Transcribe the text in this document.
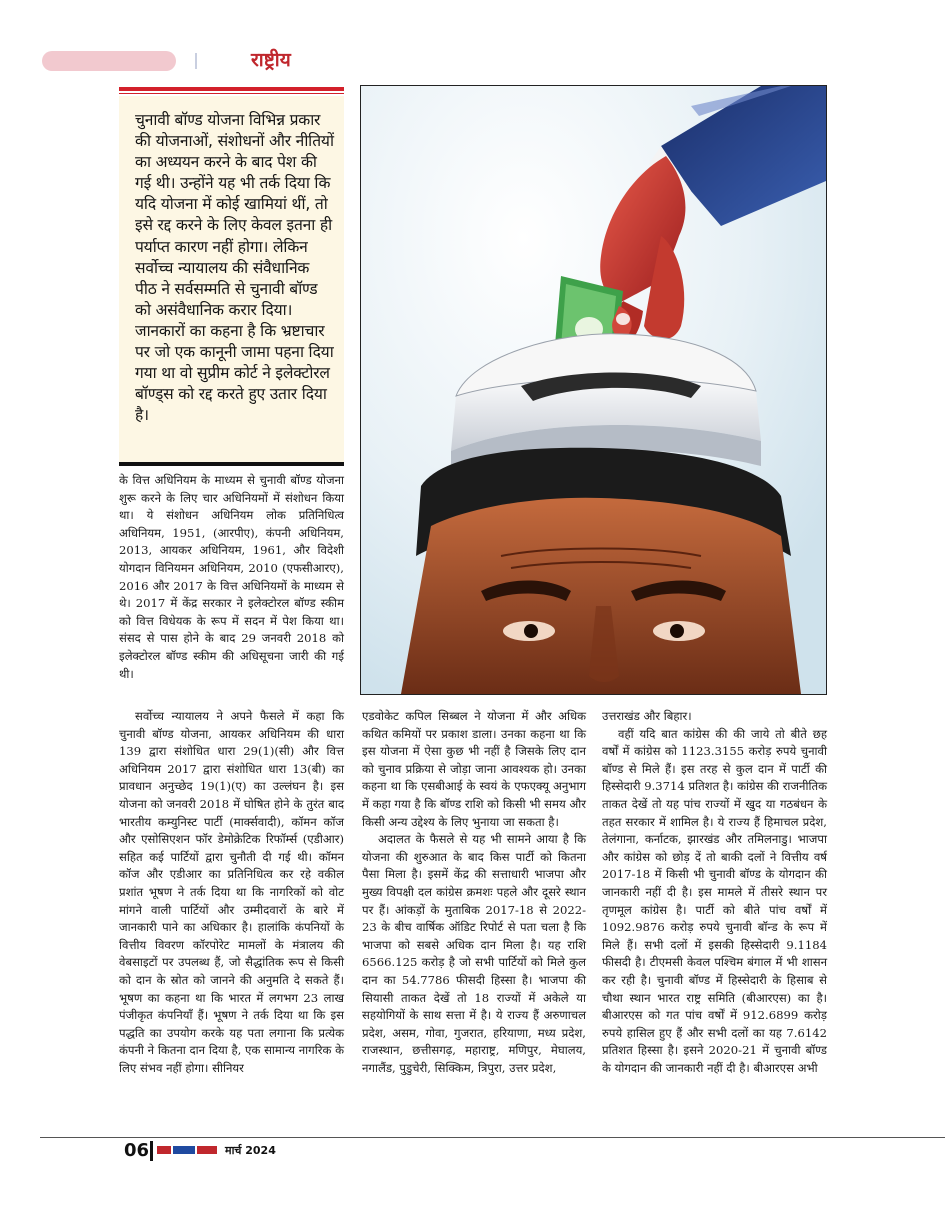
राष्ट्रीय
चुनावी बॉण्ड योजना विभिन्न प्रकार की योजनाओं, संशोधनों और नीतियों का अध्ययन करने के बाद पेश की गई थी। उन्होंने यह भी तर्क दिया कि यदि योजना में कोई खामियां थीं, तो इसे रद्द करने के लिए केवल इतना ही पर्याप्त कारण नहीं होगा। लेकिन सर्वोच्च न्यायालय की संवैधानिक पीठ ने सर्वसम्मति से चुनावी बॉण्ड को असंवैधानिक करार दिया। जानकारों का कहना है कि भ्रष्टाचार पर जो एक कानूनी जामा पहना दिया गया था वो सुप्रीम कोर्ट ने इलेक्टोरल बॉण्ड्स को रद्द करते हुए उतार दिया है।

के वित्त अधिनियम के माध्यम से चुनावी बॉण्ड योजना शुरू करने के लिए चार अधिनियमों में संशोधन किया था। ये संशोधन अधिनियम लोक प्रतिनिधित्व अधिनियम, 1951, (आरपीए), कंपनी अधिनियम, 2013, आयकर अधिनियम, 1961, और विदेशी योगदान विनियमन अधिनियम, 2010 (एफसीआरए), 2016 और 2017 के वित्त अधिनियमों के माध्यम से थे। 2017 में केंद्र सरकार ने इलेक्टोरल बॉण्ड स्कीम को वित्त विधेयक के रूप में सदन में पेश किया था। संसद से पास होने के बाद 29 जनवरी 2018 को इलेक्टोरल बॉण्ड स्कीम की अधिसूचना जारी की गई थी।

सर्वोच्च न्यायालय ने अपने फैसले में कहा कि चुनावी बॉण्ड योजना, आयकर अधिनियम की धारा 139 द्वारा संशोधित धारा 29(1)(सी) और वित्त अधिनियम 2017 द्वारा संशोधित धारा 13(बी) का प्रावधान अनुच्छेद 19(1)(ए) का उल्लंघन है। इस योजना को जनवरी 2018 में घोषित होने के तुरंत बाद भारतीय कम्युनिस्ट पार्टी (मार्क्सवादी), कॉमन कॉज और एसोसिएशन फॉर डेमोक्रेटिक रिफॉर्म्स (एडीआर) सहित कई पार्टियों द्वारा चुनौती दी गई थी। कॉमन कॉज और एडीआर का प्रतिनिधित्व कर रहे वकील प्रशांत भूषण ने तर्क दिया था कि नागरिकों को वोट मांगने वाली पार्टियों और उम्मीदवारों के बारे में जानकारी पाने का अधिकार है। हालांकि कंपनियों के वित्तीय विवरण कॉरपोरेट मामलों के मंत्रालय की वेबसाइटों पर उपलब्ध हैं, जो सैद्धांतिक रूप से किसी को दान के स्रोत को जानने की अनुमति दे सकते हैं। भूषण का कहना था कि भारत में लगभग 23 लाख पंजीकृत कंपनियाँ हैं। भूषण ने तर्क दिया था कि इस पद्धति का उपयोग करके यह पता लगाना कि प्रत्येक कंपनी ने कितना दान दिया है, एक सामान्य नागरिक के लिए संभव नहीं होगा। सीनियर

एडवोकेट कपिल सिब्बल ने योजना में और अधिक कथित कमियों पर प्रकाश डाला। उनका कहना था कि इस योजना में ऐसा कुछ भी नहीं है जिसके लिए दान को चुनाव प्रक्रिया से जोड़ा जाना आवश्यक हो। उनका कहना था कि एसबीआई के स्वयं के एफएक्यू अनुभाग में कहा गया है कि बॉण्ड राशि को किसी भी समय और किसी अन्य उद्देश्य के लिए भुनाया जा सकता है।

अदालत के फैसले से यह भी सामने आया है कि योजना की शुरुआत के बाद किस पार्टी को कितना पैसा मिला है। इसमें केंद्र की सत्ताधारी भाजपा और मुख्य विपक्षी दल कांग्रेस क्रमशः पहले और दूसरे स्थान पर हैं। आंकड़ों के मुताबिक 2017-18 से 2022-23 के बीच वार्षिक ऑडिट रिपोर्ट से पता चला है कि भाजपा को सबसे अधिक दान मिला है। यह राशि 6566.125 करोड़ है जो सभी पार्टियों को मिले कुल दान का 54.7786 फीसदी हिस्सा है। भाजपा की सियासी ताकत देखें तो 18 राज्यों में अकेले या सहयोगियों के साथ सत्ता में है। ये राज्य हैं अरुणाचल प्रदेश, असम, गोवा, गुजरात, हरियाणा, मध्य प्रदेश, राजस्थान, छत्तीसगढ़, महाराष्ट्र, मणिपुर, मेघालय, नगालैंड, पुडुचेरी, सिक्किम, त्रिपुरा, उत्तर प्रदेश,

उत्तराखंड और बिहार।

वहीं यदि बात कांग्रेस की की जाये तो बीते छह वर्षों में कांग्रेस को 1123.3155 करोड़ रुपये चुनावी बॉण्ड से मिले हैं। इस तरह से कुल दान में पार्टी की हिस्सेदारी 9.3714 प्रतिशत है। कांग्रेस की राजनीतिक ताकत देखें तो यह पांच राज्यों में खुद या गठबंधन के तहत सरकार में शामिल है। ये राज्य हैं हिमाचल प्रदेश, तेलंगाना, कर्नाटक, झारखंड और तमिलनाडु। भाजपा और कांग्रेस को छोड़ दें तो बाकी दलों ने वित्तीय वर्ष 2017-18 में किसी भी चुनावी बॉण्ड के योगदान की जानकारी नहीं दी है। इस मामले में तीसरे स्थान पर तृणमूल कांग्रेस है। पार्टी को बीते पांच वर्षों में 1092.9876 करोड़ रुपये चुनावी बॉन्ड के रूप में मिले हैं। सभी दलों में इसकी हिस्सेदारी 9.1184 फीसदी है। टीएमसी केवल पश्चिम बंगाल में भी शासन कर रही है। चुनावी बॉण्ड में हिस्सेदारी के हिसाब से चौथा स्थान भारत राष्ट्र समिति (बीआरएस) का है। बीआरएस को गत पांच वर्षों में 912.6899 करोड़ रुपये हासिल हुए हैं और सभी दलों का यह 7.6142 प्रतिशत हिस्सा है। इसने 2020-21 में चुनावी बॉण्ड के योगदान की जानकारी नहीं दी है। बीआरएस अभी

06	मार्च 2024
